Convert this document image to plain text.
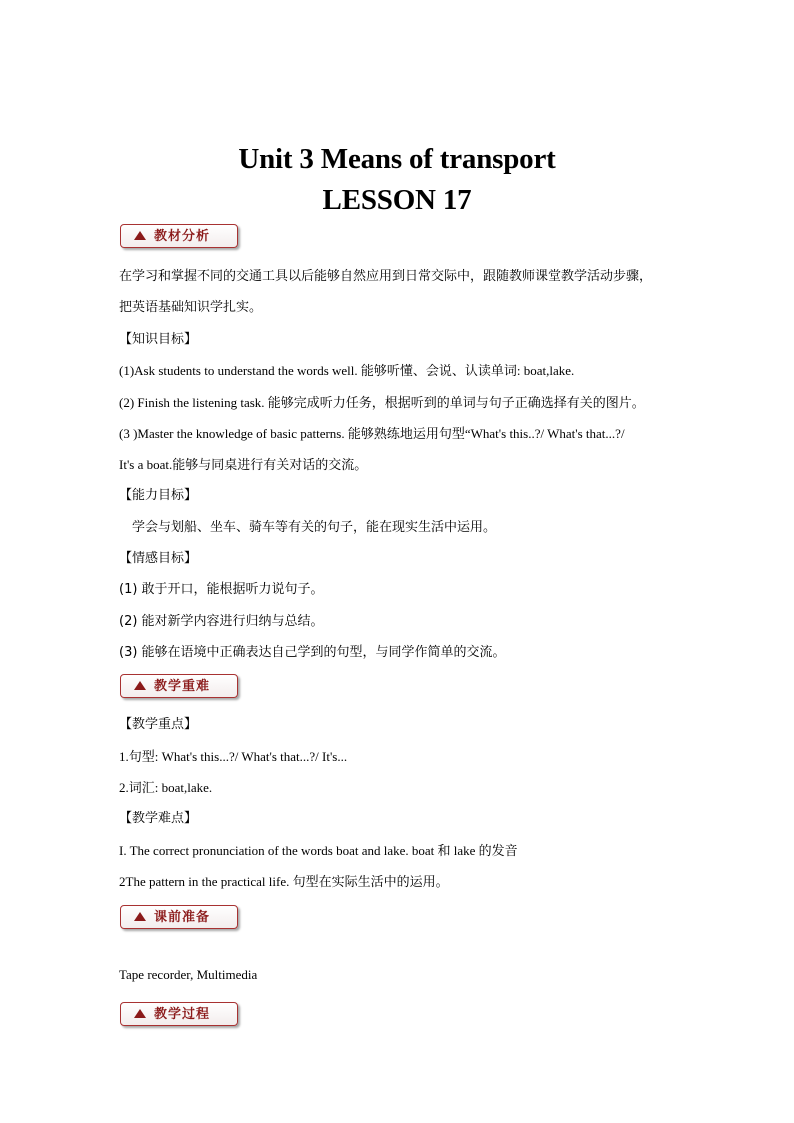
Unit 3 Means of transport
LESSON 17
教材分析
在学习和掌握不同的交通工具以后能够自然应用到日常交际中，跟随教师课堂教学活动步骤，
把英语基础知识学扎实。
【知识目标】
(1)Ask students to understand the words well. 能够听懂、会说、认读单词: boat,lake.
(2) Finish the listening task. 能够完成听力任务，根据听到的单词与句子正确选择有关的图片。
(3 )Master the knowledge of basic patterns. 能够熟练地运用句型“What's this..?/ What's that...?/
It's a boat.能够与同桌进行有关对话的交流。
【能力目标】
学会与划船、坐车、骑车等有关的句子，能在现实生活中运用。
【情感目标】
(1) 敢于开口，能根据听力说句子。
(2) 能对新学内容进行归纳与总结。
(3) 能够在语境中正确表达自己学到的句型，与同学作简单的交流。
教学重难
【教学重点】
1.句型: What's this...?/ What's that...?/ It's...
2.词汇: boat,lake.
【教学难点】
I. The correct pronunciation of the words boat and lake. boat 和 lake 的发音
2The pattern in the practical life. 句型在实际生活中的运用。
课前准备
Tape recorder, Multimedia
教学过程
